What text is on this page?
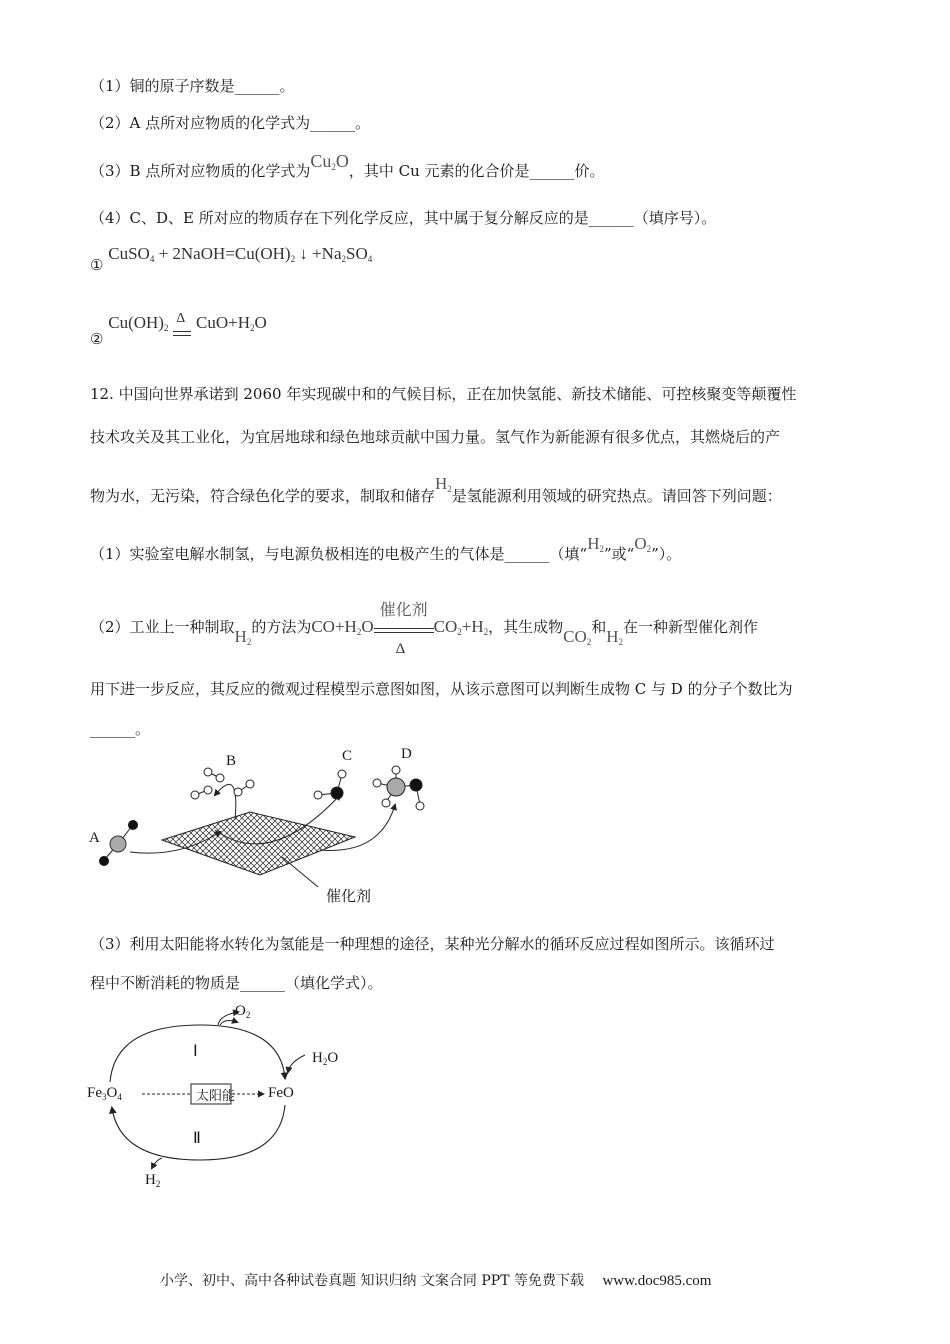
（1）铜的原子序数是______。
（2）A 点所对应物质的化学式为______。
（3）B 点所对应物质的化学式为$Cu_2O$，其中 Cu 元素的化合价是______价。
（4）C、D、E 所对应的物质存在下列化学反应，其中属于复分解反应的是______（填序号）。
① CuSO$_4$ + $2NaOH=Cu(OH)_2$ ↓ $+Na_2SO_4$
② $Cu(OH)_2$
Δ $CuO+H_2O$
12. 中国向世界承诺到 2060 年实现碳中和的气候目标，正在加快氢能、新技术储能、可控核聚变等颠覆性
技术攻关及其工业化，为宜居地球和绿色地球贡献中国力量。氢气作为新能源有很多优点，其燃烧后的产
物为水，无污染，符合绿色化学的要求，制取和储存$H_2$是氢能源利用领域的研究热点。请回答下列问题：
（1）实验室电解水制氢，与电源负极相连的电极产生的气体是______（填“$H_2$”或“$O_2$”）。
（2）工业上一种制取$H_2$的方法为$CO+H_2O$
催化剂
Δ
$CO_2+H_2$，其生成物$CO_2$和$H_2$在一种新型催化剂作
用下进一步反应，其反应的微观过程模型示意图如图，从该示意图可以判断生成物 C 与 D 的分子个数比为
______。
A
B	C	D
催化剂
（3）利用太阳能将水转化为氢能是一种理想的途径，某种光分解水的循环反应过程如图所示。该循环过
程中不断消耗的物质是______（填化学式）。
Ⅰ
Ⅱ
太阳能
$Fe_3O_4$	FeO
$O_2$
$H_2O$
$H_2$
小学、初中、高中各种试卷真题 知识归纳 文案合同 PPT 等免费下载 www.doc985.com
